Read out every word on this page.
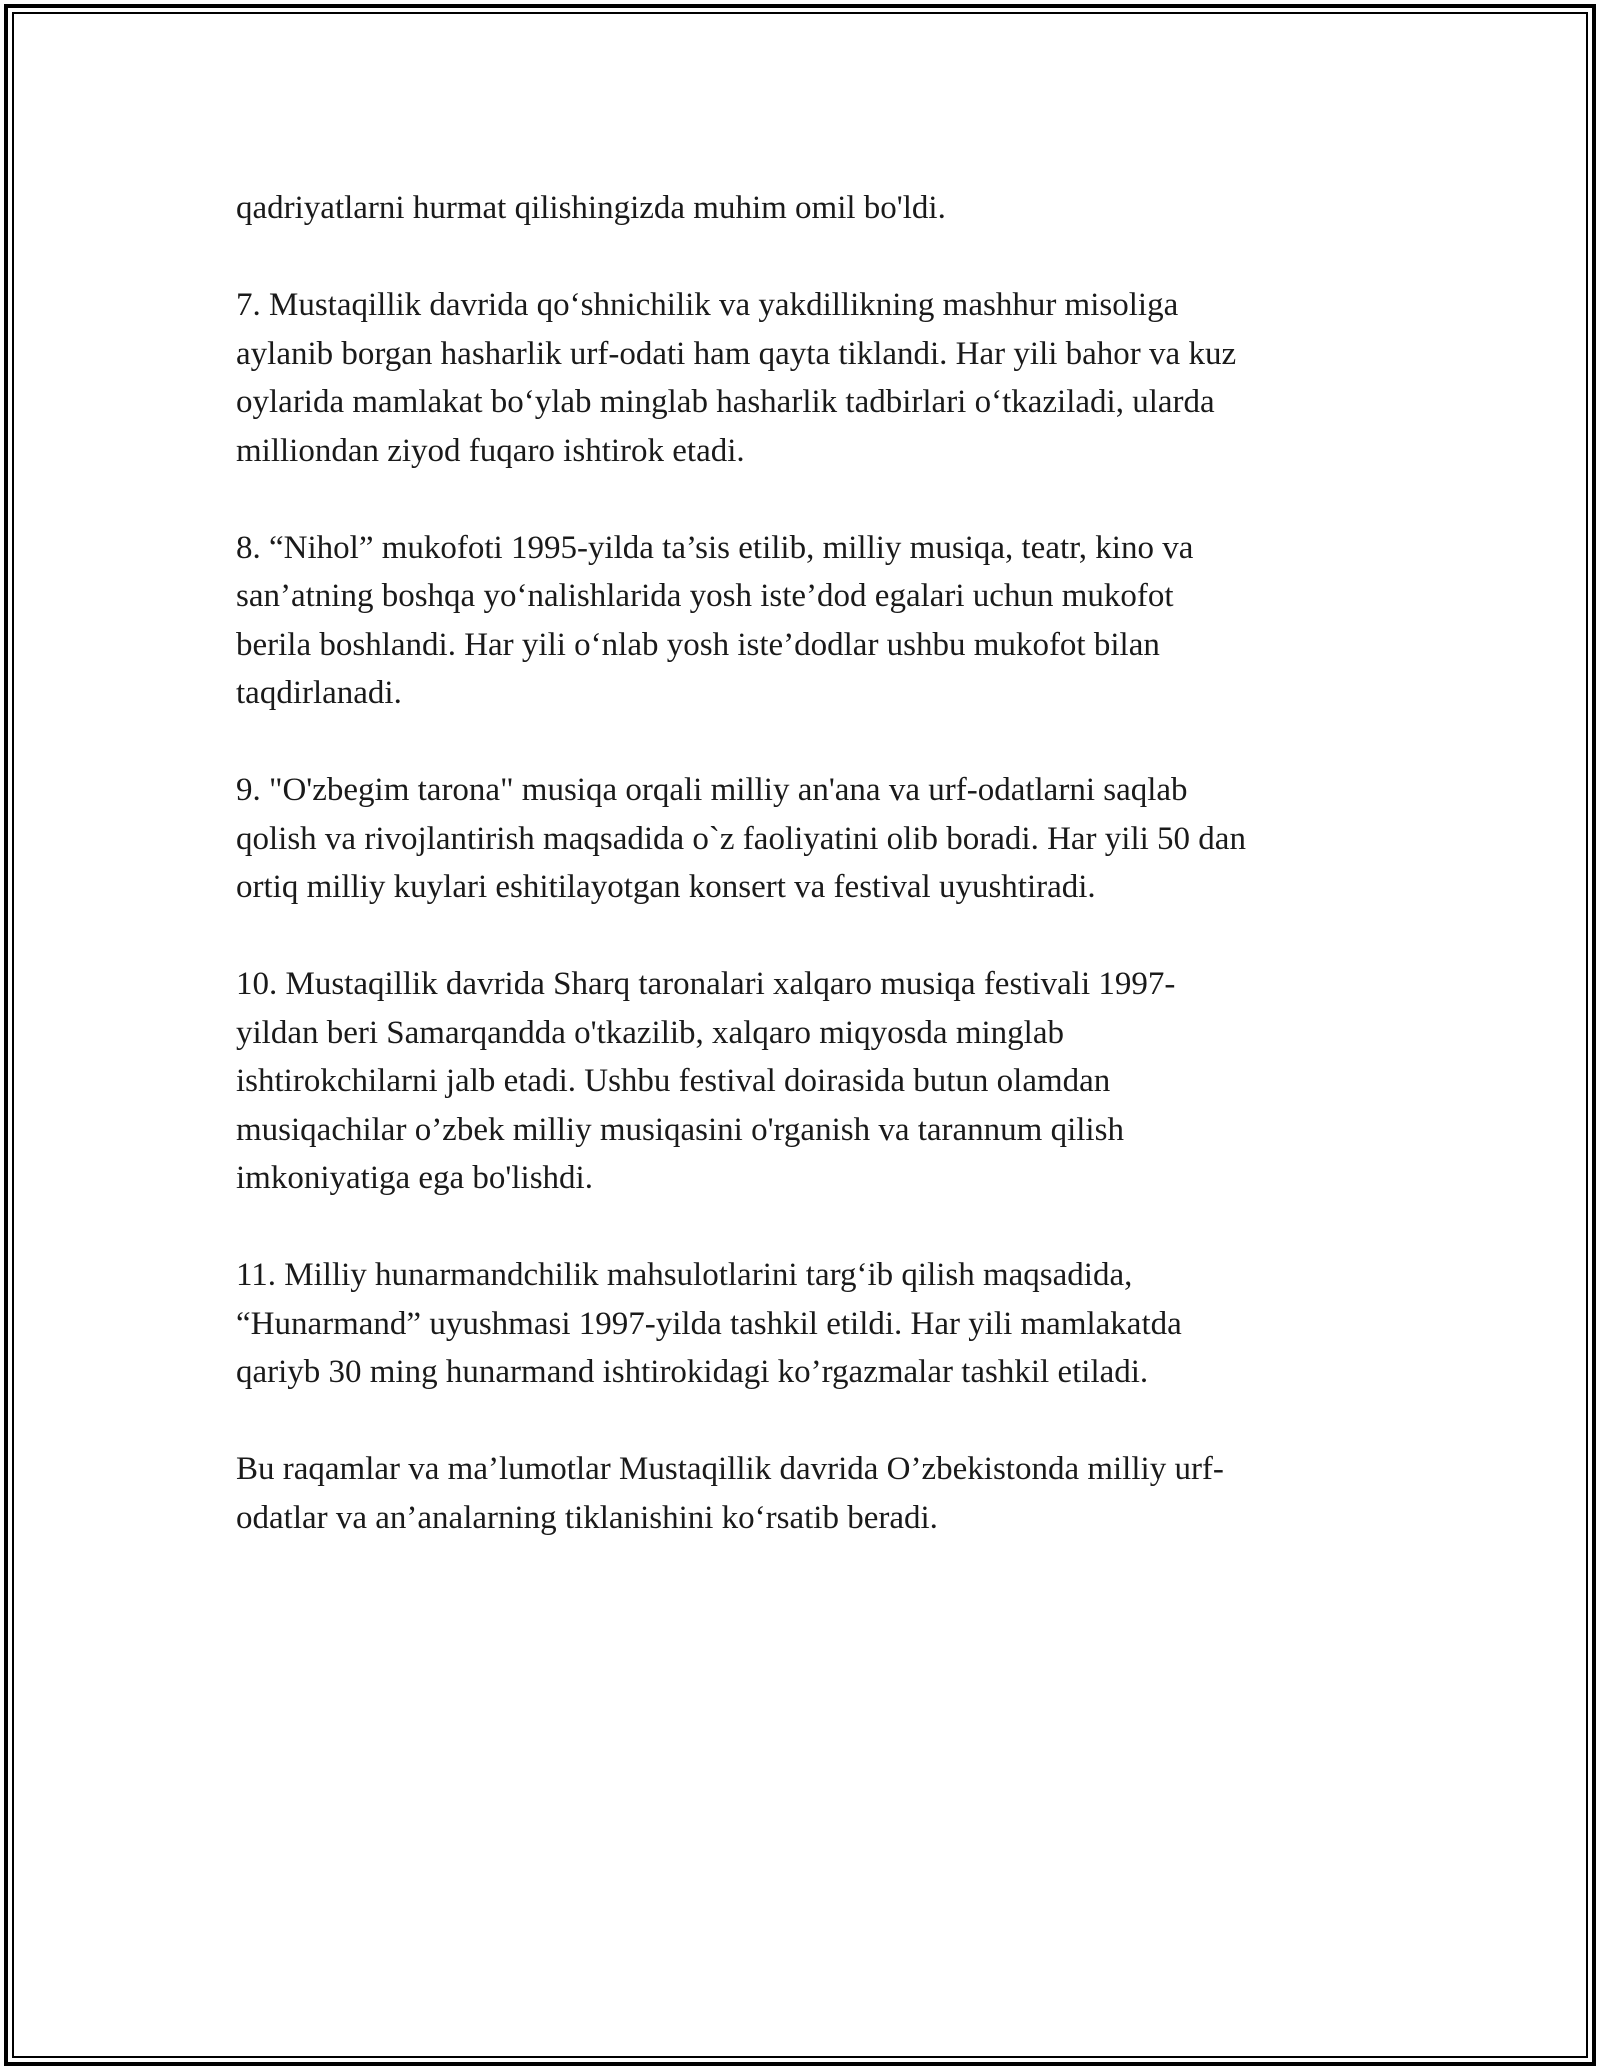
qadriyatlarni hurmat qilishingizda muhim omil bo'ldi.

7. Mustaqillik davrida qo‘shnichilik va yakdillikning mashhur misoliga
aylanib borgan hasharlik urf-odati ham qayta tiklandi. Har yili bahor va kuz
oylarida mamlakat bo‘ylab minglab hasharlik tadbirlari o‘tkaziladi, ularda
milliondan ziyod fuqaro ishtirok etadi.

8. “Nihol” mukofoti 1995-yilda ta’sis etilib, milliy musiqa, teatr, kino va
san’atning boshqa yo‘nalishlarida yosh iste’dod egalari uchun mukofot
berila boshlandi. Har yili o‘nlab yosh iste’dodlar ushbu mukofot bilan
taqdirlanadi.

9. "O'zbegim tarona" musiqa orqali milliy an'ana va urf-odatlarni saqlab
qolish va rivojlantirish maqsadida o`z faoliyatini olib boradi. Har yili 50 dan
ortiq milliy kuylari eshitilayotgan konsert va festival uyushtiradi.

10. Mustaqillik davrida Sharq taronalari xalqaro musiqa festivali 1997-
yildan beri Samarqandda o'tkazilib, xalqaro miqyosda minglab
ishtirokchilarni jalb etadi. Ushbu festival doirasida butun olamdan
musiqachilar o’zbek milliy musiqasini o'rganish va tarannum qilish
imkoniyatiga ega bo'lishdi.

11. Milliy hunarmandchilik mahsulotlarini targ‘ib qilish maqsadida,
“Hunarmand” uyushmasi 1997-yilda tashkil etildi. Har yili mamlakatda
qariyb 30 ming hunarmand ishtirokidagi ko’rgazmalar tashkil etiladi.

Bu raqamlar va ma’lumotlar Mustaqillik davrida O’zbekistonda milliy urf-
odatlar va an’analarning tiklanishini ko‘rsatib beradi.
